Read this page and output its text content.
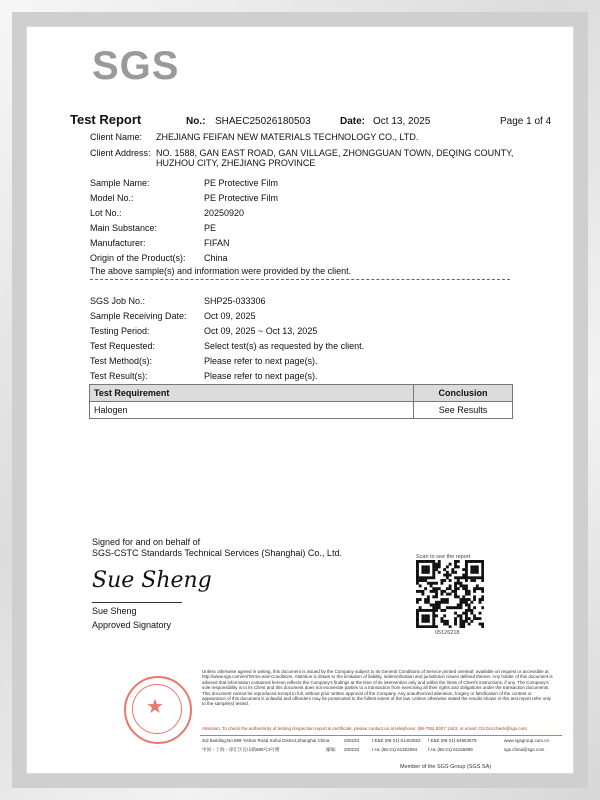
SGS
Test Report	No.: SHAEC25026180503	Date: Oct 13, 2025	Page 1 of 4
Client Name: ZHEJIANG FEIFAN NEW MATERIALS TECHNOLOGY CO., LTD.
Client Address: NO. 1588, GAN EAST ROAD, GAN VILLAGE, ZHONGGUAN TOWN, DEQING COUNTY,
HUZHOU CITY, ZHEJIANG PROVINCE
Sample Name:	PE Protective Film
Model No.:	PE Protective Film
Lot No.:	20250920
Main Substance:	PE
Manufacturer:	FIFAN
Origin of the Product(s): China
The above sample(s) and information were provided by the client.
SGS Job No.:	SHP25-033306
Sample Receiving Date: Oct 09, 2025
Testing Period:	Oct 09, 2025 ~ Oct 13, 2025
Test Requested:	Select test(s) as requested by the client.
Test Method(s):	Please refer to next page(s).
Test Result(s):	Please refer to next page(s).
Test Requirement	Conclusion
Halogen	See Results
Signed for and on behalf of
SGS-CSTC Standards Technical Services (Shanghai) Co., Ltd.
Sue Sheng
Sue Sheng
Approved Signatory
Scan to see the report
05126218
★
Unless otherwise agreed in writing, this document is issued by the Company subject to its General Conditions of Service printed overleaf, available on request or accessible at http://www.sgs.com/en/Terms-and-Conditions. Attention is drawn to the limitation of liability, indemnification and jurisdiction issues defined therein. Any holder of this document is advised that information contained hereon reflects the Company's findings at the time of its intervention only and within the limits of Client's instructions, if any. The Company's sole responsibility is to its Client and this document does not exonerate parties to a transaction from exercising all their rights and obligations under the transaction documents. This document cannot be reproduced except in full, without prior written approval of the Company. Any unauthorized alteration, forgery or falsification of the content or appearance of this document is unlawful and offenders may be prosecuted to the fullest extent of the law. Unless otherwise stated the results shown in this test report refer only to the sample(s) tested.
Attention: To check the authenticity of testing /inspection report & certificate, please contact us at telephone: (86-755) 8307 1443, or email: CN.Doccheck@sgs.com
3rd Building,No.889 Yishan Road Xuhui District,Shanghai China	200233	t E&E (86-21) 61402553 f E&E (86-21) 64953679	www.sgsgroup.com.cn
中国・上海・徐汇区宜山路889号3号楼	邮编: 200233	t HL (86-21) 61402594 f HL (86-21) 61156899	sgs.china@sgs.com
Member of the SGS Group (SGS SA)
